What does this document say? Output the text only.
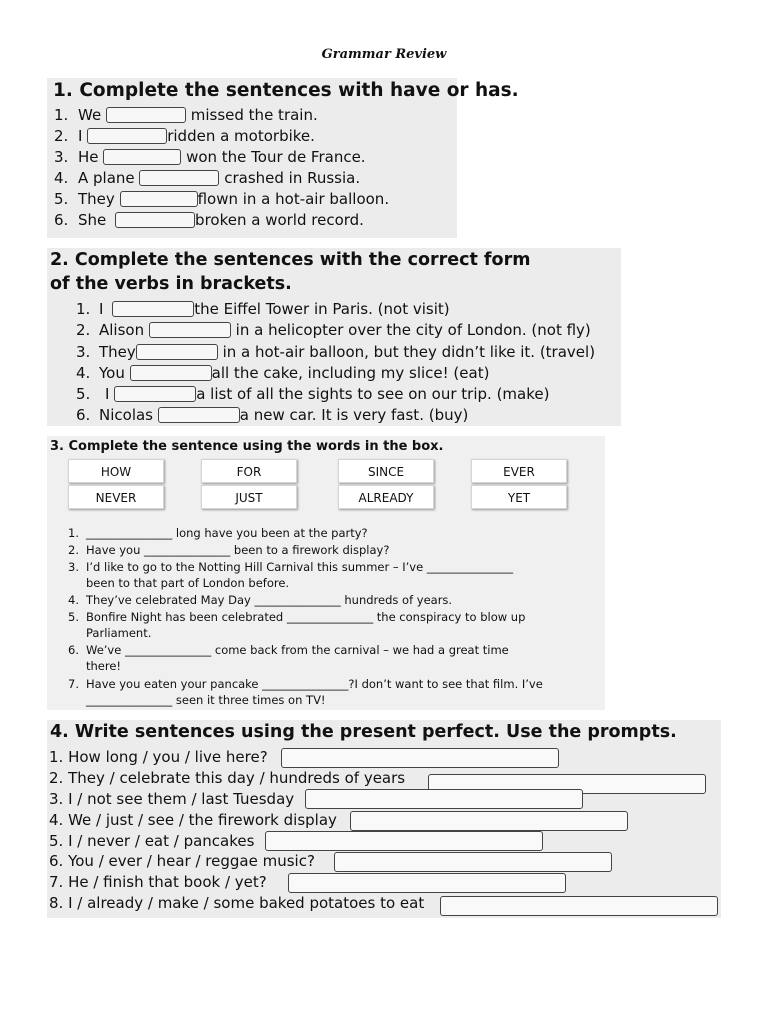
Grammar Review
1. Complete the sentences with have or has.
1. We	missed the train.
2. I	ridden a motorbike.
3. He	won the Tour de France.
4. A plane	crashed in Russia.
5. They	flown in a hot-air balloon.
6. She	broken a world record.
2. Complete the sentences with the correct form
of the verbs in brackets.
1. I	the Eiffel Tower in Paris. (not visit)
2. Alison	in a helicopter over the city of London. (not fly)
3. They	in a hot-air balloon, but they didn’t like it. (travel)
4. You	all the cake, including my slice! (eat)
5. I	a list of all the sights to see on our trip. (make)
6. Nicolas	a new car. It is very fast. (buy)
3. Complete the sentence using the words in the box.
HOW	FOR	SINCE	EVER
NEVER	JUST	ALREADY	YET
1. _______________ long have you been at the party?
2. Have you _______________ been to a firework display?
3. I’d like to go to the Notting Hill Carnival this summer – I’ve _______________
been to that part of London before.
4. They’ve celebrated May Day _______________ hundreds of years.
5. Bonfire Night has been celebrated _______________ the conspiracy to blow up
Parliament.
6. We’ve _______________ come back from the carnival – we had a great time
there!
7. Have you eaten your pancake _______________?I don’t want to see that film. I’ve
_______________ seen it three times on TV!
4. Write sentences using the present perfect. Use the prompts.
1. How long / you / live here?
2. They / celebrate this day / hundreds of years
3. I / not see them / last Tuesday
4. We / just / see / the firework display
5. I / never / eat / pancakes
6. You / ever / hear / reggae music?
7. He / finish that book / yet?
8. I / already / make / some baked potatoes to eat
